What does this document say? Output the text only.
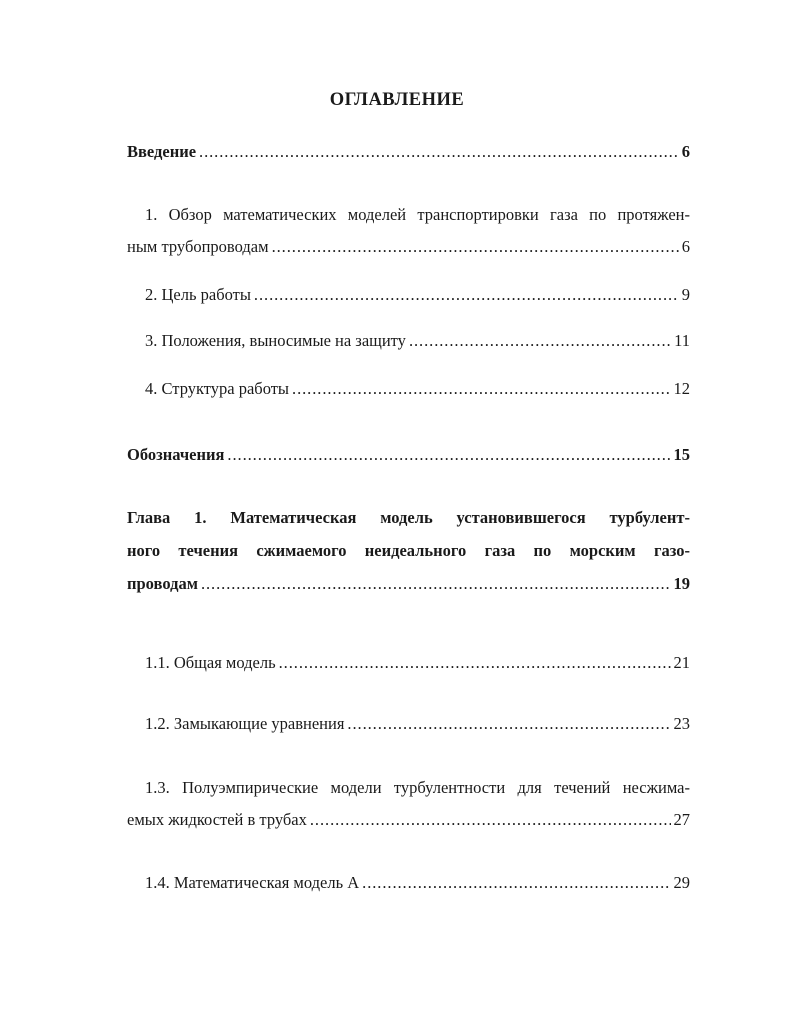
ОГЛАВЛЕНИЕ
Введение . . .	6
1. Обзор математических моделей транспортировки газа по протяжен-
ным трубопроводам . . .	6
2. Цель работы . . .	9
3. Положения, выносимые на защиту . . .	11
4. Структура работы . . .	12
Обозначения . . .	15
Глава 1. Математическая модель установившегося турбулент-
ного течения сжимаемого неидеального газа по морским газо-
проводам . . .	19
1.1. Общая модель . . .	21
1.2. Замыкающие уравнения . . .	23
1.3. Полуэмпирические модели турбулентности для течений несжима-
емых жидкостей в трубах . . .	27
1.4. Математическая модель А . . .	29
